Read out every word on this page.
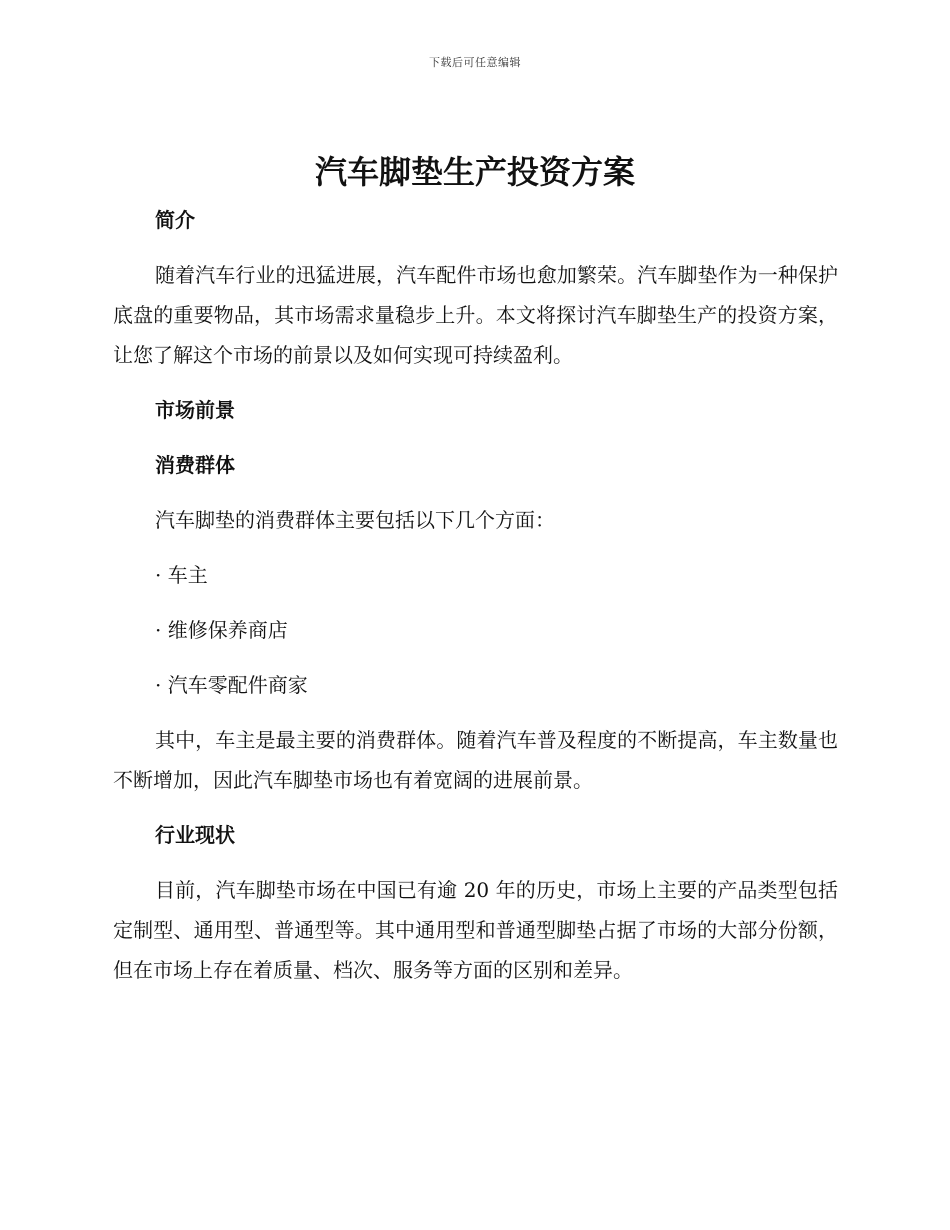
下载后可任意编辑
汽车脚垫生产投资方案

简介

随着汽车行业的迅猛进展，汽车配件市场也愈加繁荣。汽车脚垫作为一种保护底盘的重要物品，其市场需求量稳步上升。本文将探讨汽车脚垫生产的投资方案，让您了解这个市场的前景以及如何实现可持续盈利。

市场前景

消费群体

汽车脚垫的消费群体主要包括以下几个方面：

· 车主

· 维修保养商店

· 汽车零配件商家

其中，车主是最主要的消费群体。随着汽车普及程度的不断提高，车主数量也不断增加，因此汽车脚垫市场也有着宽阔的进展前景。

行业现状

目前，汽车脚垫市场在中国已有逾 20 年的历史，市场上主要的产品类型包括定制型、通用型、普通型等。其中通用型和普通型脚垫占据了市场的大部分份额，但在市场上存在着质量、档次、服务等方面的区别和差异。
